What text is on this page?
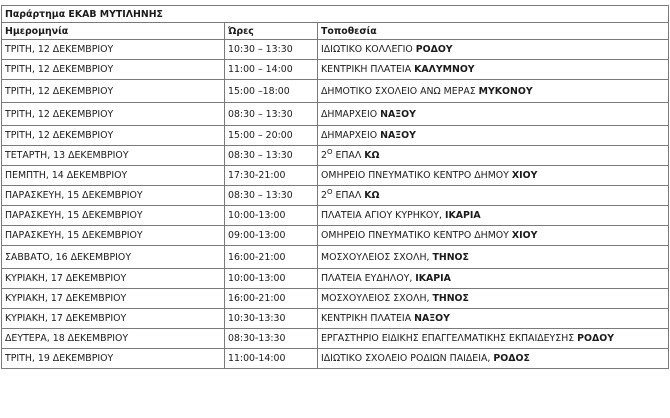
Παράρτημα ΕΚΑΒ ΜΥΤΙΛΗΝΗΣ		
Ημερομηνία	Ώρες	Τοποθεσία
ΤΡΙΤΗ, 12 ΔΕΚΕΜΒΡΙΟΥ	10:30 – 13:30	ΙΔΙΩΤΙΚΟ ΚΟΛΛΕΓΙΟ ΡΟΔΟΥ
ΤΡΙΤΗ, 12 ΔΕΚΕΜΒΡΙΟΥ	11:00 – 14:00	ΚΕΝΤΡΙΚΗ ΠΛΑΤΕΙΑ ΚΑΛΥΜΝΟΥ
ΤΡΙΤΗ, 12 ΔΕΚΕΜΒΡΙΟΥ	15:00 –18:00	ΔΗΜΟΤΙΚΟ ΣΧΟΛΕΙΟ ΑΝΩ ΜΕΡΑΣ ΜΥΚΟΝΟΥ
ΤΡΙΤΗ, 12 ΔΕΚΕΜΒΡΙΟΥ	08:30 – 13:30	ΔΗΜΑΡΧΕΙΟ ΝΑΞΟΥ
ΤΡΙΤΗ, 12 ΔΕΚΕΜΒΡΙΟΥ	15:00 – 20:00	ΔΗΜΑΡΧΕΙΟ ΝΑΞΟΥ
ΤΕΤΑΡΤΗ, 13 ΔΕΚΕΜΒΡΙΟΥ	08:30 – 13:30	$2^O$ ΕΠΑΛ ΚΩ
ΠΕΜΠΤΗ, 14 ΔΕΚΕΜΒΡΙΟΥ	17:30-21:00	ΟΜΗΡΕΙΟ ΠΝΕΥΜΑΤΙΚΟ ΚΕΝΤΡΟ ΔΗΜΟΥ ΧΙΟΥ
ΠΑΡΑΣΚΕΥΗ, 15 ΔΕΚΕΜΒΡΙΟΥ	08:30 – 13:30	$2^O$ ΕΠΑΛ ΚΩ
ΠΑΡΑΣΚΕΥΗ, 15 ΔΕΚΕΜΒΡΙΟΥ	10:00-13:00	ΠΛΑΤΕΙΑ ΑΓΙΟΥ ΚΥΡΗΚΟΥ, ΙΚΑΡΙΑ
ΠΑΡΑΣΚΕΥΗ, 15 ΔΕΚΕΜΒΡΙΟΥ	09:00-13:00	ΟΜΗΡΕΙΟ ΠΝΕΥΜΑΤΙΚΟ ΚΕΝΤΡΟ ΔΗΜΟΥ ΧΙΟΥ
ΣΑΒΒΑΤΟ, 16 ΔΕΚΕΜΒΡΙΟΥ	16:00-21:00	ΜΟΣΧΟΥΛΕΙΟΣ ΣΧΟΛΗ, ΤΗΝΟΣ
ΚΥΡΙΑΚΗ, 17 ΔΕΚΕΜΒΡΙΟΥ	10:00-13:00	ΠΛΑΤΕΙΑ ΕΥΔΗΛΟΥ, ΙΚΑΡΙΑ
ΚΥΡΙΑΚΗ, 17 ΔΕΚΕΜΒΡΙΟΥ	16:00-21:00	ΜΟΣΧΟΥΛΕΙΟΣ ΣΧΟΛΗ, ΤΗΝΟΣ
ΚΥΡΙΑΚΗ, 17 ΔΕΚΕΜΒΡΙΟΥ	10:30-13:30	ΚΕΝΤΡΙΚΗ ΠΛΑΤΕΙΑ ΝΑΞΟΥ
ΔΕΥΤΕΡΑ, 18 ΔΕΚΕΜΒΡΙΟΥ	08:30-13:30	ΕΡΓΑΣΤΗΡΙΟ ΕΙΔΙΚΗΣ ΕΠΑΓΓΕΛΜΑΤΙΚΗΣ ΕΚΠΑΙΔΕΥΣΗΣ ΡΟΔΟΥ
ΤΡΙΤΗ, 19 ΔΕΚΕΜΒΡΙΟΥ	11:00-14:00	ΙΔΙΩΤΙΚΟ ΣΧΟΛΕΙΟ ΡΟΔΙΩΝ ΠΑΙΔΕΙΑ, ΡΟΔΟΣ
